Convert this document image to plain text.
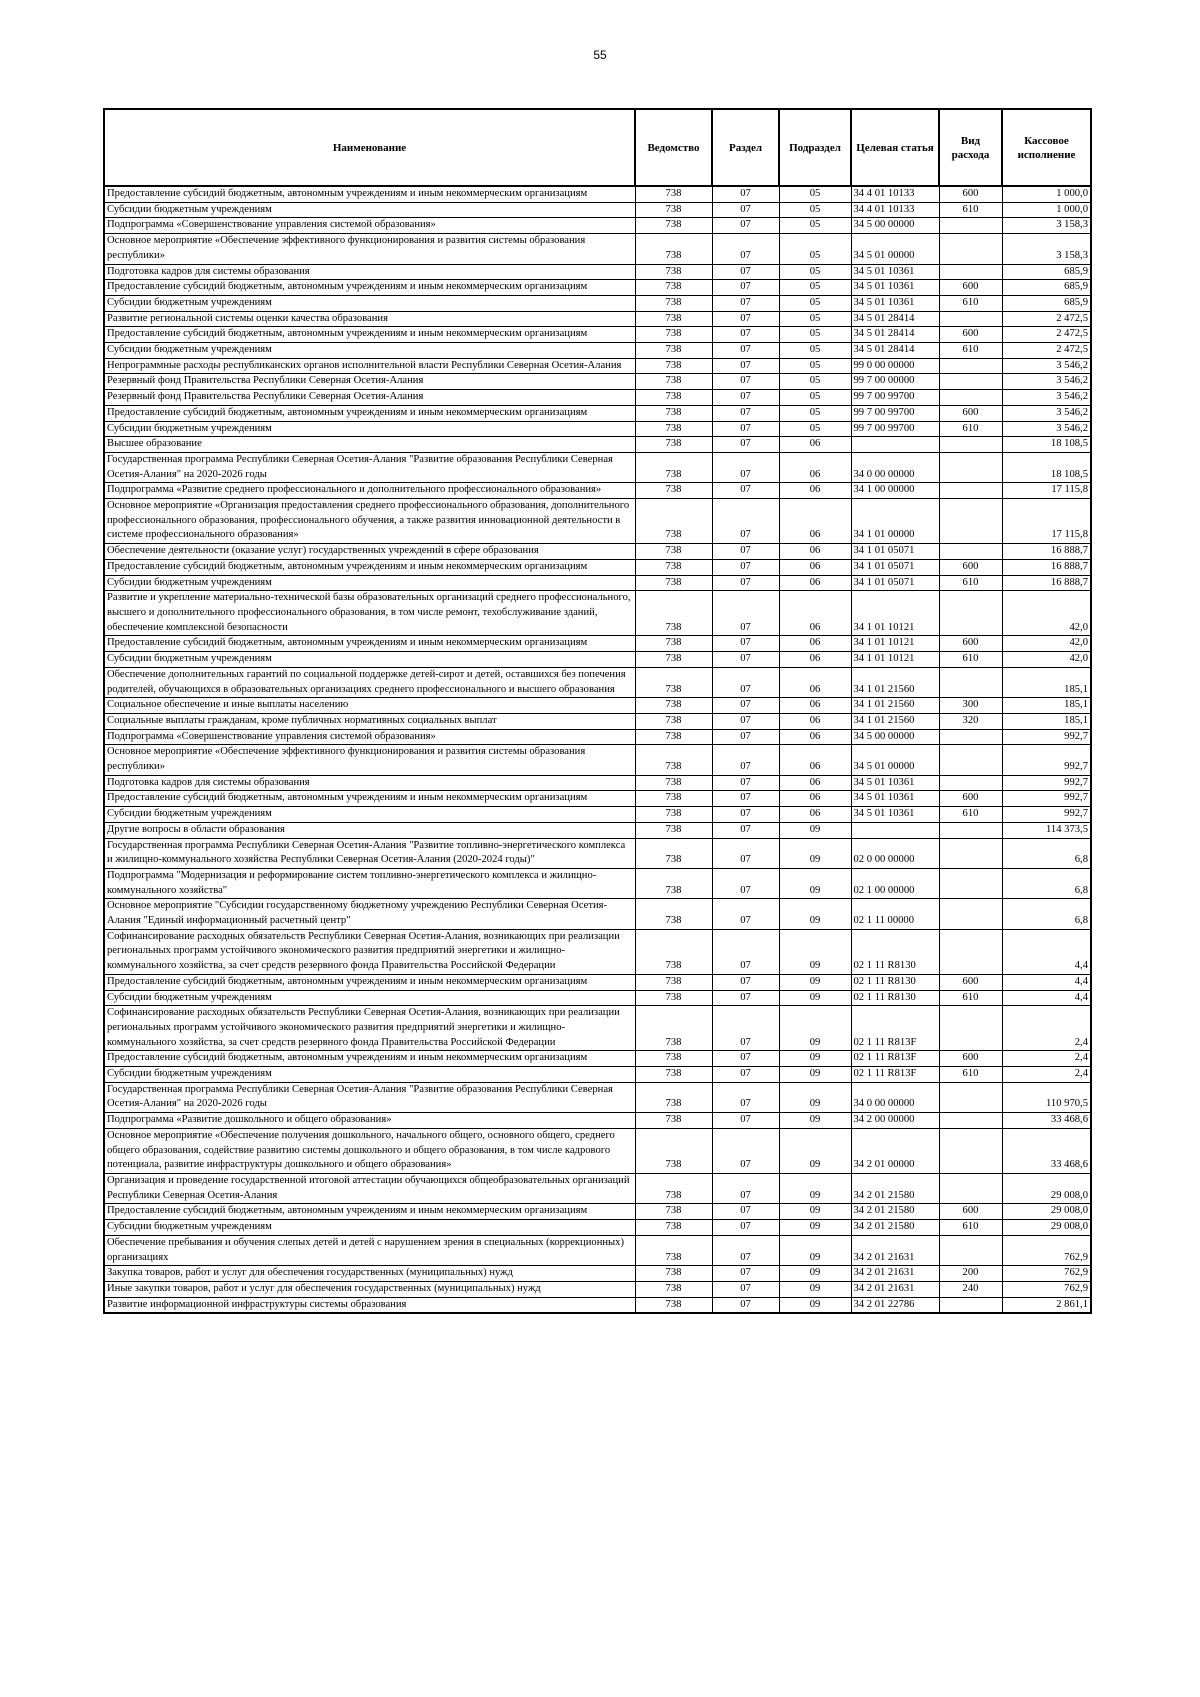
55
Наименование	Ведомство	Раздел	Подраздел	Целевая статья	Вид расхода	Кассовое исполнение
Предоставление субсидий бюджетным, автономным учреждениям и иным некоммерческим организациям	738	07	05	34 4 01 10133	600	1 000,0
Субсидии бюджетным учреждениям	738	07	05	34 4 01 10133	610	1 000,0
Подпрограмма «Совершенствование управления системой образования»	738	07	05	34 5 00 00000		3 158,3
Основное мероприятие «Обеспечение эффективного функционирования и развития системы образования республики»	738	07	05	34 5 01 00000		3 158,3
Подготовка кадров для системы образования	738	07	05	34 5 01 10361		685,9
Предоставление субсидий бюджетным, автономным учреждениям и иным некоммерческим организациям	738	07	05	34 5 01 10361	600	685,9
Субсидии бюджетным учреждениям	738	07	05	34 5 01 10361	610	685,9
Развитие региональной системы оценки качества образования	738	07	05	34 5 01 28414		2 472,5
Предоставление субсидий бюджетным, автономным учреждениям и иным некоммерческим организациям	738	07	05	34 5 01 28414	600	2 472,5
Субсидии бюджетным учреждениям	738	07	05	34 5 01 28414	610	2 472,5
Непрограммные расходы республиканских органов исполнительной власти Республики Северная Осетия-Алания	738	07	05	99 0 00 00000		3 546,2
Резервный фонд Правительства Республики Северная Осетия-Алания	738	07	05	99 7 00 00000		3 546,2
Резервный фонд Правительства Республики Северная Осетия-Алания	738	07	05	99 7 00 99700		3 546,2
Предоставление субсидий бюджетным, автономным учреждениям и иным некоммерческим организациям	738	07	05	99 7 00 99700	600	3 546,2
Субсидии бюджетным учреждениям	738	07	05	99 7 00 99700	610	3 546,2
Высшее образование	738	07	06			18 108,5
Государственная программа Республики Северная Осетия-Алания "Развитие образования Республики Северная Осетия-Алания" на 2020-2026 годы	738	07	06	34 0 00 00000		18 108,5
Подпрограмма «Развитие среднего профессионального и дополнительного профессионального образования»	738	07	06	34 1 00 00000		17 115,8
Основное мероприятие «Организация предоставления среднего профессионального образования, дополнительного профессионального образования, профессионального обучения, а также развития инновационной деятельности в системе профессионального образования»	738	07	06	34 1 01 00000		17 115,8
Обеспечение деятельности (оказание услуг) государственных учреждений в сфере образования	738	07	06	34 1 01 05071		16 888,7
Предоставление субсидий бюджетным, автономным учреждениям и иным некоммерческим организациям	738	07	06	34 1 01 05071	600	16 888,7
Субсидии бюджетным учреждениям	738	07	06	34 1 01 05071	610	16 888,7
Развитие и укрепление материально-технической базы образовательных организаций среднего профессионального, высшего и дополнительного профессионального образования, в том числе ремонт, техобслуживание зданий, обеспечение комплексной безопасности	738	07	06	34 1 01 10121		42,0
Предоставление субсидий бюджетным, автономным учреждениям и иным некоммерческим организациям	738	07	06	34 1 01 10121	600	42,0
Субсидии бюджетным учреждениям	738	07	06	34 1 01 10121	610	42,0
Обеспечение дополнительных гарантий по социальной поддержке детей-сирот и детей, оставшихся без попечения родителей, обучающихся в образовательных организациях среднего профессионального и высшего образования	738	07	06	34 1 01 21560		185,1
Социальное обеспечение и иные выплаты населению	738	07	06	34 1 01 21560	300	185,1
Социальные выплаты гражданам, кроме публичных нормативных социальных выплат	738	07	06	34 1 01 21560	320	185,1
Подпрограмма «Совершенствование управления системой образования»	738	07	06	34 5 00 00000		992,7
Основное мероприятие «Обеспечение эффективного функционирования и развития системы образования республики»	738	07	06	34 5 01 00000		992,7
Подготовка кадров для системы образования	738	07	06	34 5 01 10361		992,7
Предоставление субсидий бюджетным, автономным учреждениям и иным некоммерческим организациям	738	07	06	34 5 01 10361	600	992,7
Субсидии бюджетным учреждениям	738	07	06	34 5 01 10361	610	992,7
Другие вопросы в области образования	738	07	09			114 373,5
Государственная программа Республики Северная Осетия-Алания "Развитие топливно-энергетического комплекса и жилищно-коммунального хозяйства Республики Северная Осетия-Алания (2020-2024 годы)"	738	07	09	02 0 00 00000		6,8
Подпрограмма "Модернизация и реформирование систем топливно-энергетического комплекса и жилищно-коммунального хозяйства"	738	07	09	02 1 00 00000		6,8
Основное мероприятие "Субсидии государственному бюджетному учреждению Республики Северная Осетия-Алания "Единый информационный расчетный центр"	738	07	09	02 1 11 00000		6,8
Софинансирование расходных обязательств Республики Северная Осетия-Алания, возникающих при реализации региональных программ устойчивого экономического развития предприятий энергетики и жилищно-коммунального хозяйства, за счет средств резервного фонда Правительства Российской Федерации	738	07	09	02 1 11 R8130		4,4
Предоставление субсидий бюджетным, автономным учреждениям и иным некоммерческим организациям	738	07	09	02 1 11 R8130	600	4,4
Субсидии бюджетным учреждениям	738	07	09	02 1 11 R8130	610	4,4
Софинансирование расходных обязательств Республики Северная Осетия-Алания, возникающих при реализации региональных программ устойчивого экономического развития предприятий энергетики и жилищно-коммунального хозяйства, за счет средств резервного фонда Правительства Российской Федерации	738	07	09	02 1 11 R813F		2,4
Предоставление субсидий бюджетным, автономным учреждениям и иным некоммерческим организациям	738	07	09	02 1 11 R813F	600	2,4
Субсидии бюджетным учреждениям	738	07	09	02 1 11 R813F	610	2,4
Государственная программа Республики Северная Осетия-Алания "Развитие образования Республики Северная Осетия-Алания" на 2020-2026 годы	738	07	09	34 0 00 00000		110 970,5
Подпрограмма «Развитие дошкольного и общего образования»	738	07	09	34 2 00 00000		33 468,6
Основное мероприятие «Обеспечение получения дошкольного, начального общего, основного общего, среднего общего образования, содействие развитию системы дошкольного и общего образования, в том числе кадрового потенциала, развитие инфраструктуры дошкольного и общего образования»	738	07	09	34 2 01 00000		33 468,6
Организация и проведение государственной итоговой аттестации обучающихся общеобразовательных организаций Республики Северная Осетия-Алания	738	07	09	34 2 01 21580		29 008,0
Предоставление субсидий бюджетным, автономным учреждениям и иным некоммерческим организациям	738	07	09	34 2 01 21580	600	29 008,0
Субсидии бюджетным учреждениям	738	07	09	34 2 01 21580	610	29 008,0
Обеспечение пребывания и обучения слепых детей и детей с нарушением зрения в специальных (коррекционных) организациях	738	07	09	34 2 01 21631		762,9
Закупка товаров, работ и услуг для обеспечения государственных (муниципальных) нужд	738	07	09	34 2 01 21631	200	762,9
Иные закупки товаров, работ и услуг для обеспечения государственных (муниципальных) нужд	738	07	09	34 2 01 21631	240	762,9
Развитие информационной инфраструктуры системы образования	738	07	09	34 2 01 22786		2 861,1
